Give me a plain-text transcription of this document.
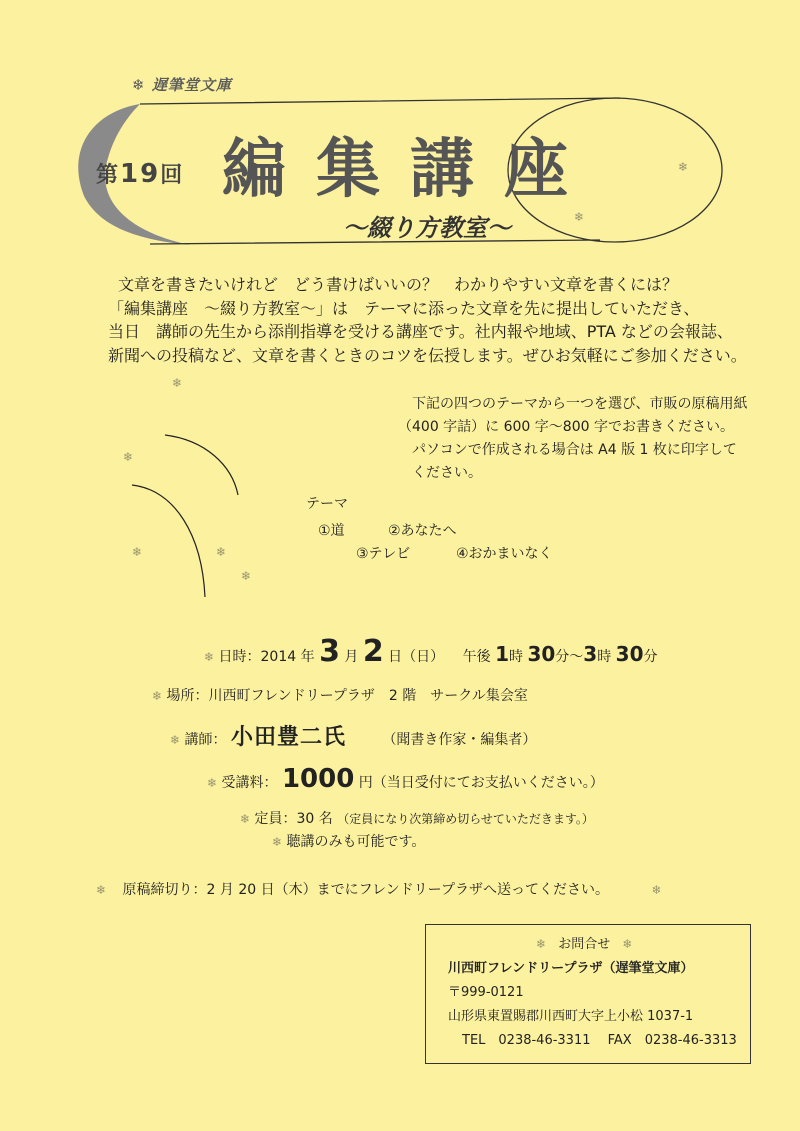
❄
❄
❄
❄
❄	❄
❄
❄ 遅筆堂文庫
第19回 編集講座
～綴り方教室～

文章を書きたいけれど　どう書けばいいの？　わかりやすい文章を書くには？

「編集講座　～綴り方教室～」は　テーマに添った文章を先に提出していただき、

当日　講師の先生から添削指導を受ける講座です。社内報や地域、PTA などの会報誌、

新聞への投稿など、文章を書くときのコツを伝授します。ぜひお気軽にご参加ください。

下記の四つのテーマから一つを選び、市販の原稿用紙

（400 字詰）に 600 字～800 字でお書きください。

パソコンで作成される場合は A4 版 1 枚に印字して

ください。

テーマ
①道	②あなたへ
③テレビ	④おかまいなく
❄ 日時：2014 年 3 月 2 日（日） 午後 1時 30分～3時 30分
❄ 場所：川西町フレンドリープラザ　2 階　サークル集会室
❄ 講師： 小田豊二氏	（聞書き作家・編集者）
❄ 受講料： 1000 円（当日受付にてお支払いください。）
❄ 定員：30 名 （定員になり次第締め切らせていただきます。）
❄ 聴講のみも可能です。
❄ 原稿締切り：2 月 20 日（木）までにフレンドリープラザへ送ってください。	❄
❄ お問合せ ❄
川西町フレンドリープラザ（遅筆堂文庫）
〒999-0121
山形県東置賜郡川西町大字上小松 1037-1
TEL　0238-46-3311　 FAX　0238-46-3313
